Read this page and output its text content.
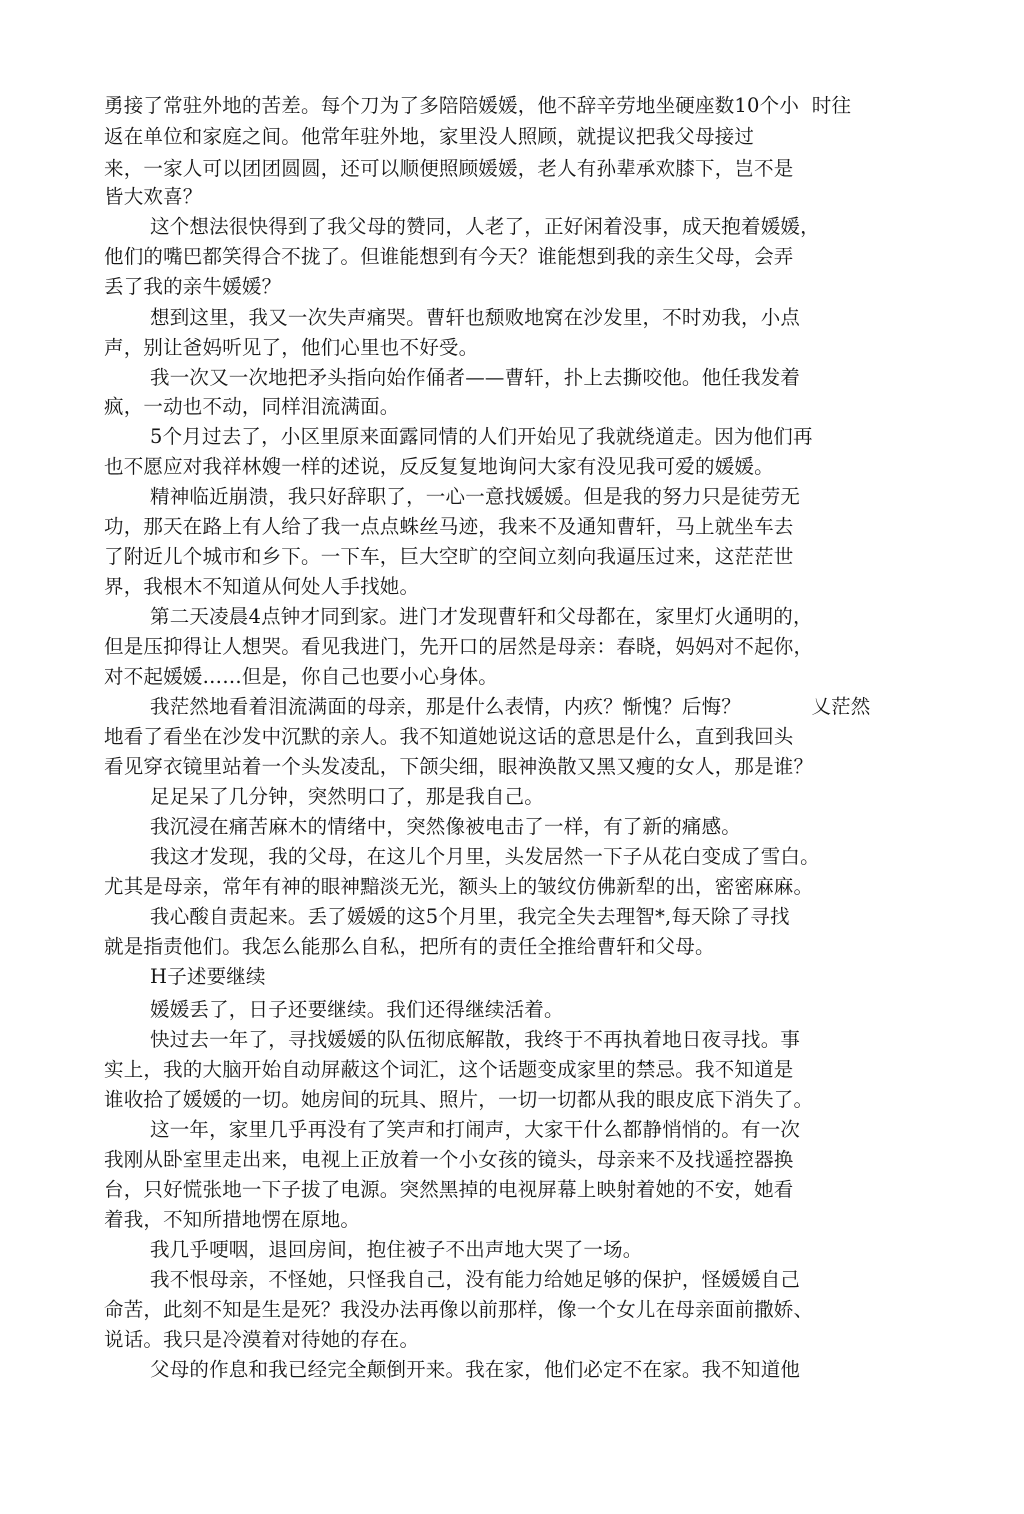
勇接了常驻外地的苦差。每个刀为了多陪陪媛媛，他不辞辛劳地坐硬座数10个小  时往
返在单位和家庭之间。他常年驻外地，家里没人照顾，就提议把我父母接过
来，一家人可以团团圆圆，还可以顺便照顾媛媛，老人有孙辈承欢膝下，岂不是
皆大欢喜？
这个想法很快得到了我父母的赞同，人老了，正好闲着没事，成天抱着媛媛，
他们的嘴巴都笑得合不拢了。但谁能想到有今天？谁能想到我的亲生父母，会弄
丢了我的亲牛媛媛？
想到这里，我又一次失声痛哭。曹轩也颓败地窝在沙发里，不时劝我，小点
声，别让爸妈听见了，他们心里也不好受。
我一次又一次地把矛头指向始作俑者——曹轩，扑上去撕咬他。他任我发着
疯，一动也不动，同样泪流满面。
5个月过去了，小区里原来面露同情的人们开始见了我就绕道走。因为他们再
也不愿应对我祥林嫂一样的述说，反反复复地询问大家有没见我可爱的媛媛。
精神临近崩溃，我只好辞职了，一心一意找媛媛。但是我的努力只是徒劳无
功，那天在路上有人给了我一点点蛛丝马迹，我来不及通知曹轩，马上就坐车去
了附近儿个城市和乡下。一下车，巨大空旷的空间立刻向我逼压过来，这茫茫世
界，我根木不知道从何处人手找她。
第二天凌晨4点钟才同到家。进门才发现曹轩和父母都在，家里灯火通明的，
但是压抑得让人想哭。看见我进门，先开口的居然是母亲：春晓，妈妈对不起你，
对不起媛媛……但是，你自己也要小心身体。
我茫然地看着泪流满面的母亲，那是什么表情，内疚？惭愧？后悔？           乂茫然
地看了看坐在沙发中沉默的亲人。我不知道她说这话的意思是什么，直到我回头
看见穿衣镜里站着一个头发凌乱，下颌尖细，眼神涣散又黑又瘦的女人，那是谁？
足足呆了几分钟，突然明口了，那是我自己。
我沉浸在痛苦麻木的情绪中，突然像被电击了一样，有了新的痛感。
我这才发现，我的父母，在这儿个月里，头发居然一下子从花白变成了雪白。
尤其是母亲，常年有神的眼神黯淡无光，额头上的皱纹仿佛新犁的出，密密麻麻。
我心酸自责起来。丢了媛媛的这5个月里，我完全失去理智*,每天除了寻找
就是指责他们。我怎么能那么自私，把所有的责任全推给曹轩和父母。
H子述要继续
媛媛丢了，日子还要继续。我们还得继续活着。
快过去一年了，寻找媛媛的队伍彻底解散，我终于不再执着地日夜寻找。事
实上，我的大脑开始自动屏蔽这个词汇，这个话题变成家里的禁忌。我不知道是
谁收拾了媛媛的一切。她房间的玩具、照片，一切一切都从我的眼皮底下消失了。
这一年，家里几乎再没有了笑声和打闹声，大家干什么都静悄悄的。有一次
我刚从卧室里走出来，电视上正放着一个小女孩的镜头，母亲来不及找遥控器换
台，只好慌张地一下子拔了电源。突然黑掉的电视屏幕上映射着她的不安，她看
着我，不知所措地愣在原地。
我几乎哽咽，退回房间，抱住被子不出声地大哭了一场。
我不恨母亲，不怪她，只怪我自己，没有能力给她足够的保护，怪媛媛自己
命苦，此刻不知是生是死？我没办法再像以前那样，像一个女儿在母亲面前撒娇、
说话。我只是冷漠着对待她的存在。
父母的作息和我已经完全颠倒开来。我在家，他们必定不在家。我不知道他
